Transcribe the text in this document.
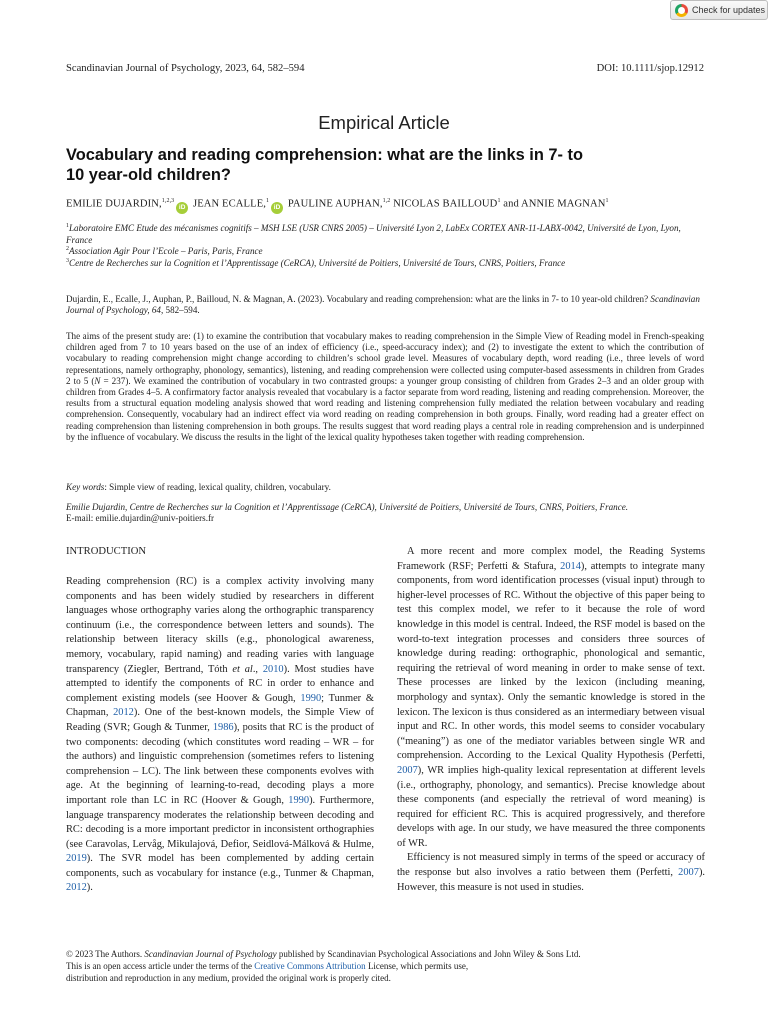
Check for updates
Scandinavian Journal of Psychology, 2023, 64, 582–594	DOI: 10.1111/sjop.12912
Empirical Article
Vocabulary and reading comprehension: what are the links in 7- to
10 year-old children?
EMILIE DUJARDIN,$^{1,2,3}$iD JEAN ECALLE,$^1$iD PAULINE AUPHAN,$^{1,2}$ NICOLAS BAILLOUD$^1$ and ANNIE MAGNAN$^1$
$^1$Laboratoire EMC Etude des mécanismes cognitifs – MSH LSE (USR CNRS 2005) – Université Lyon 2, LabEx CORTEX ANR-11-LABX-0042, Université de Lyon, Lyon, France
$^2$Association Agir Pour l’Ecole – Paris, Paris, France
$^3$Centre de Recherches sur la Cognition et l’Apprentissage (CeRCA), Université de Poitiers, Université de Tours, CNRS, Poitiers, France
Dujardin, E., Ecalle, J., Auphan, P., Bailloud, N. & Magnan, A. (2023). Vocabulary and reading comprehension: what are the links in 7- to 10 year-old children? Scandinavian Journal of Psychology, 64, 582–594.
The aims of the present study are: (1) to examine the contribution that vocabulary makes to reading comprehension in the Simple View of Reading model in French-speaking children aged from 7 to 10 years based on the use of an index of efficiency (i.e., speed-accuracy index); and (2) to investigate the extent to which the contribution of vocabulary to reading comprehension might change according to children’s school grade level. Measures of vocabulary depth, word reading (i.e., three levels of word representations, namely orthography, phonology, semantics), listening, and reading comprehension were collected using computer-based assessments in children from Grades 2 to 5 (N = 237). We examined the contribution of vocabulary in two contrasted groups: a younger group consisting of children from Grades 2–3 and an older group with children from Grades 4–5. A confirmatory factor analysis revealed that vocabulary is a factor separate from word reading, listening and reading comprehension. Moreover, the results from a structural equation modeling analysis showed that word reading and listening comprehension fully mediated the relation between vocabulary and reading comprehension. Consequently, vocabulary had an indirect effect via word reading on reading comprehension in both groups. Finally, word reading had a greater effect on reading comprehension than listening comprehension in both groups. The results suggest that word reading plays a central role in reading comprehension and is underpinned by the influence of vocabulary. We discuss the results in the light of the lexical quality hypotheses taken together with reading comprehension.
Key words: Simple view of reading, lexical quality, children, vocabulary.
Emilie Dujardin, Centre de Recherches sur la Cognition et l’Apprentissage (CeRCA), Université de Poitiers, Université de Tours, CNRS, Poitiers, France.
E-mail: emilie.dujardin@univ-poitiers.fr
INTRODUCTION

Reading comprehension (RC) is a complex activity involving many components and has been widely studied by researchers in different languages whose orthography varies along the orthographic transparency continuum (i.e., the correspondence between letters and sounds). The relationship between literacy skills (e.g., phonological awareness, memory, vocabulary, rapid naming) and reading varies with language transparency (Ziegler, Bertrand, Tóth et al., 2010). Most studies have attempted to identify the components of RC in order to enhance and complement existing models (see Hoover & Gough, 1990; Tunmer & Chapman, 2012). One of the best-known models, the Simple View of Reading (SVR; Gough & Tunmer, 1986), posits that RC is the product of two components: decoding (which constitutes word reading – WR – for the authors) and linguistic comprehension (sometimes refers to listening comprehension – LC). The link between these components evolves with age. At the beginning of learning-to-read, decoding plays a more important role than LC in RC (Hoover & Gough, 1990). Furthermore, language transparency moderates the relationship between decoding and RC: decoding is a more important predictor in inconsistent orthographies (see Caravolas, Lervåg, Mikulajová, Defior, Seidlová-Málková & Hulme, 2019). The SVR model has been complemented by adding certain components, such as vocabulary for instance (e.g., Tunmer & Chapman, 2012).

A more recent and more complex model, the Reading Systems Framework (RSF; Perfetti & Stafura, 2014), attempts to integrate many components, from word identification processes (visual input) through to higher-level processes of RC. Without the objective of this paper being to test this complex model, we refer to it because the role of word knowledge in this model is central. Indeed, the RSF model is based on the word-to-text integration processes and considers three sources of knowledge during reading: orthographic, phonological and semantic, requiring the retrieval of word meaning in order to make sense of text. These processes are linked by the lexicon (including meaning, morphology and syntax). Only the semantic knowledge is stored in the lexicon. The lexicon is thus considered as an intermediary between visual input and RC. In other words, this model seems to consider vocabulary (“meaning”) as one of the mediator variables between single WR and comprehension. According to the Lexical Quality Hypothesis (Perfetti, 2007), WR implies high-quality lexical representation at different levels (i.e., orthography, phonology, and semantics). Precise knowledge about these components (and especially the retrieval of word meaning) is required for efficient RC. This is acquired progressively, and therefore develops with age. In our study, we have measured the three components of WR.

Efficiency is not measured simply in terms of the speed or accuracy of the response but also involves a ratio between them (Perfetti, 2007). However, this measure is not used in studies.

© 2023 The Authors. Scandinavian Journal of Psychology published by Scandinavian Psychological Associations and John Wiley & Sons Ltd.
This is an open access article under the terms of the Creative Commons Attribution License, which permits use,
distribution and reproduction in any medium, provided the original work is properly cited.
